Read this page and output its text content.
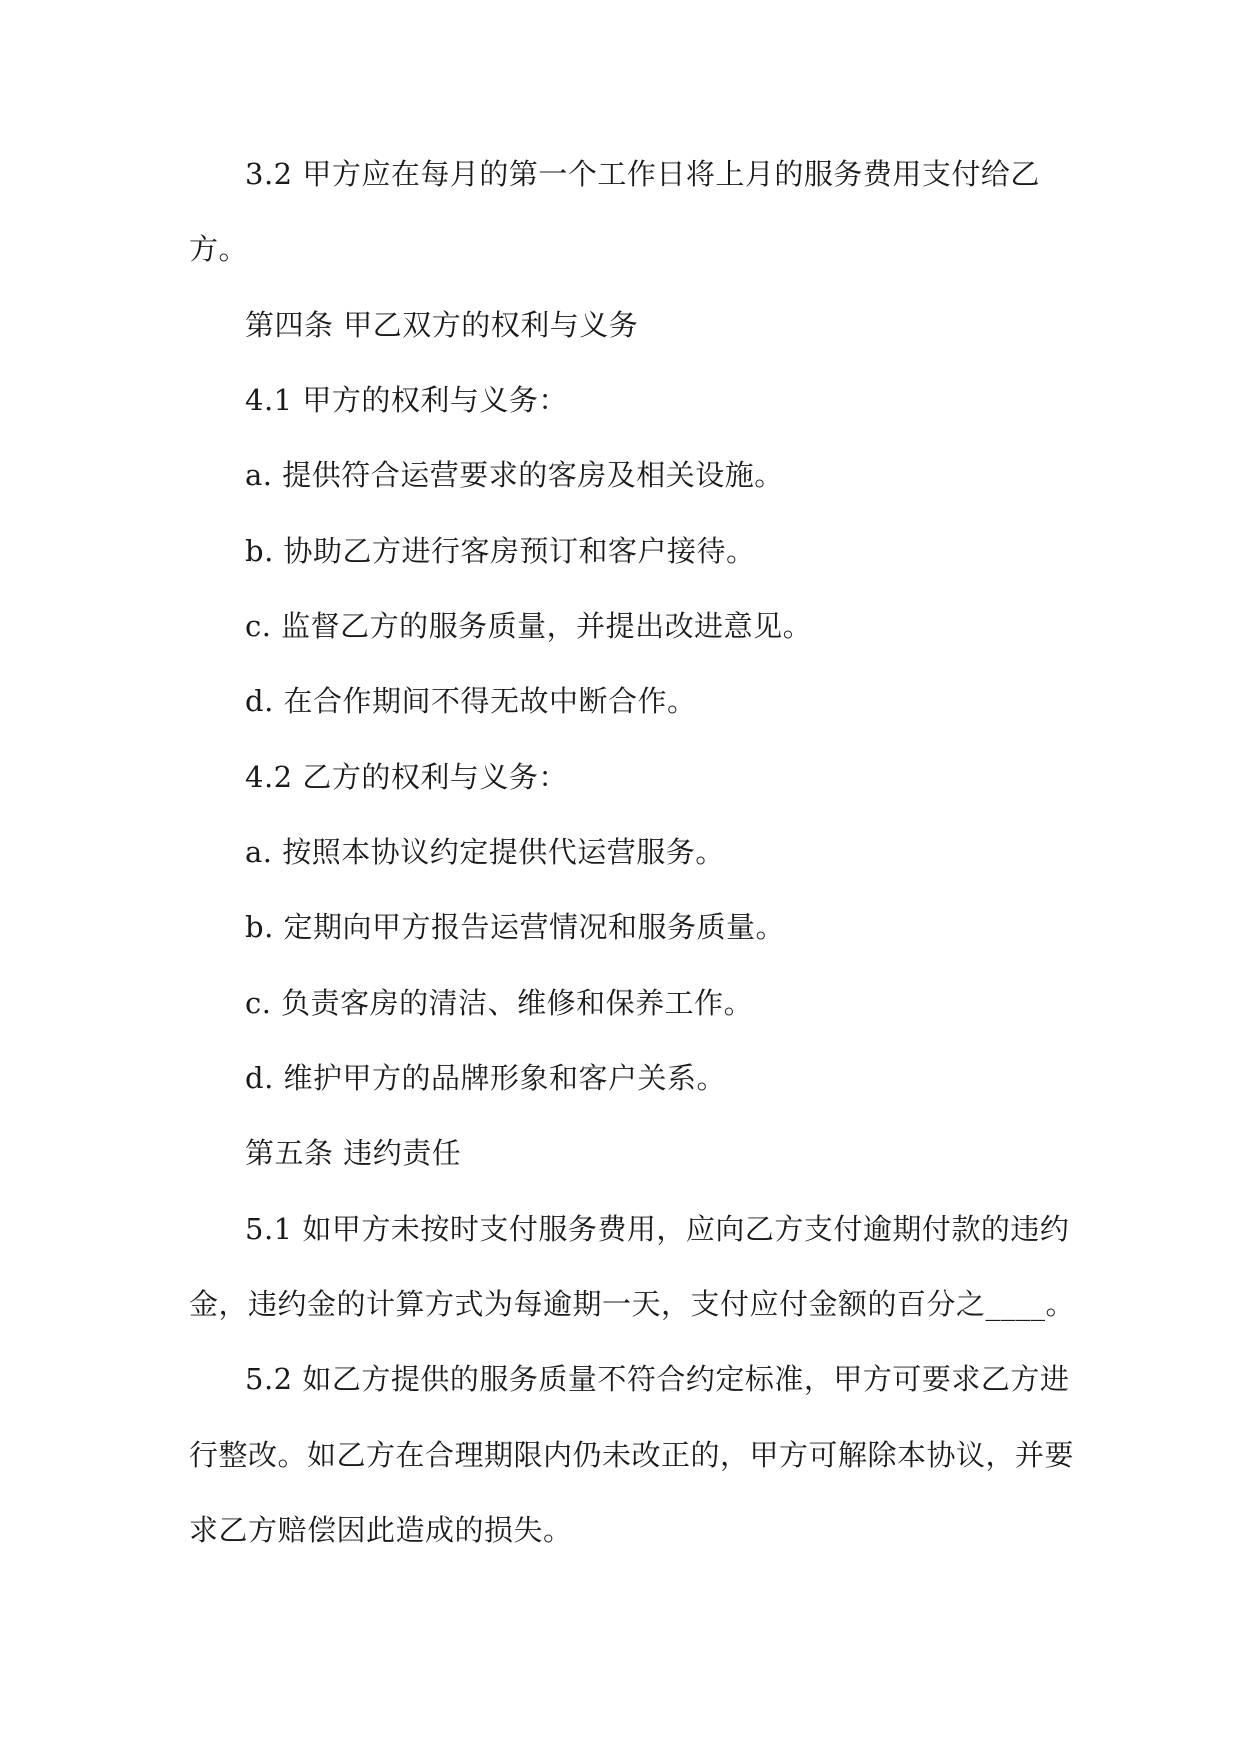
3.2 甲方应在每月的第一个工作日将上月的服务费用支付给乙
方。
第四条 甲乙双方的权利与义务
4.1 甲方的权利与义务：
a. 提供符合运营要求的客房及相关设施。
b. 协助乙方进行客房预订和客户接待。
c. 监督乙方的服务质量，并提出改进意见。
d. 在合作期间不得无故中断合作。
4.2 乙方的权利与义务：
a. 按照本协议约定提供代运营服务。
b. 定期向甲方报告运营情况和服务质量。
c. 负责客房的清洁、维修和保养工作。
d. 维护甲方的品牌形象和客户关系。
第五条 违约责任
5.1 如甲方未按时支付服务费用，应向乙方支付逾期付款的违约
金，违约金的计算方式为每逾期一天，支付应付金额的百分之____。
5.2 如乙方提供的服务质量不符合约定标准，甲方可要求乙方进
行整改。如乙方在合理期限内仍未改正的，甲方可解除本协议，并要
求乙方赔偿因此造成的损失。
